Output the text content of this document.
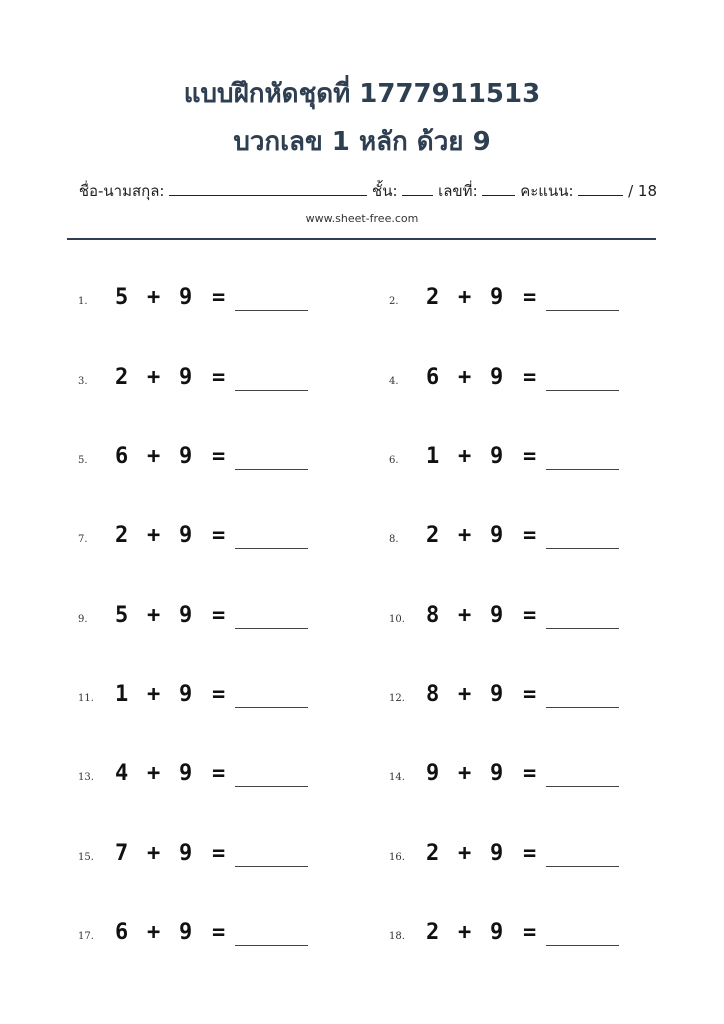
แบบฝึกหัดชุดที่ 1777911513
บวกเลข 1 หลัก ด้วย 9
ชื่อ-นามสกุล:	ชั้น:	เลขที่:	คะแนน:	/ 18
www.sheet-free.com
1. 5 + 9 =	2. 2 + 9 =
3. 2 + 9 =	4. 6 + 9 =
5. 6 + 9 =	6. 1 + 9 =
7. 2 + 9 =	8. 2 + 9 =
9. 5 + 9 =	10. 8 + 9 =
11. 1 + 9 =	12. 8 + 9 =
13. 4 + 9 =	14. 9 + 9 =
15. 7 + 9 =	16. 2 + 9 =
17. 6 + 9 =	18. 2 + 9 =
